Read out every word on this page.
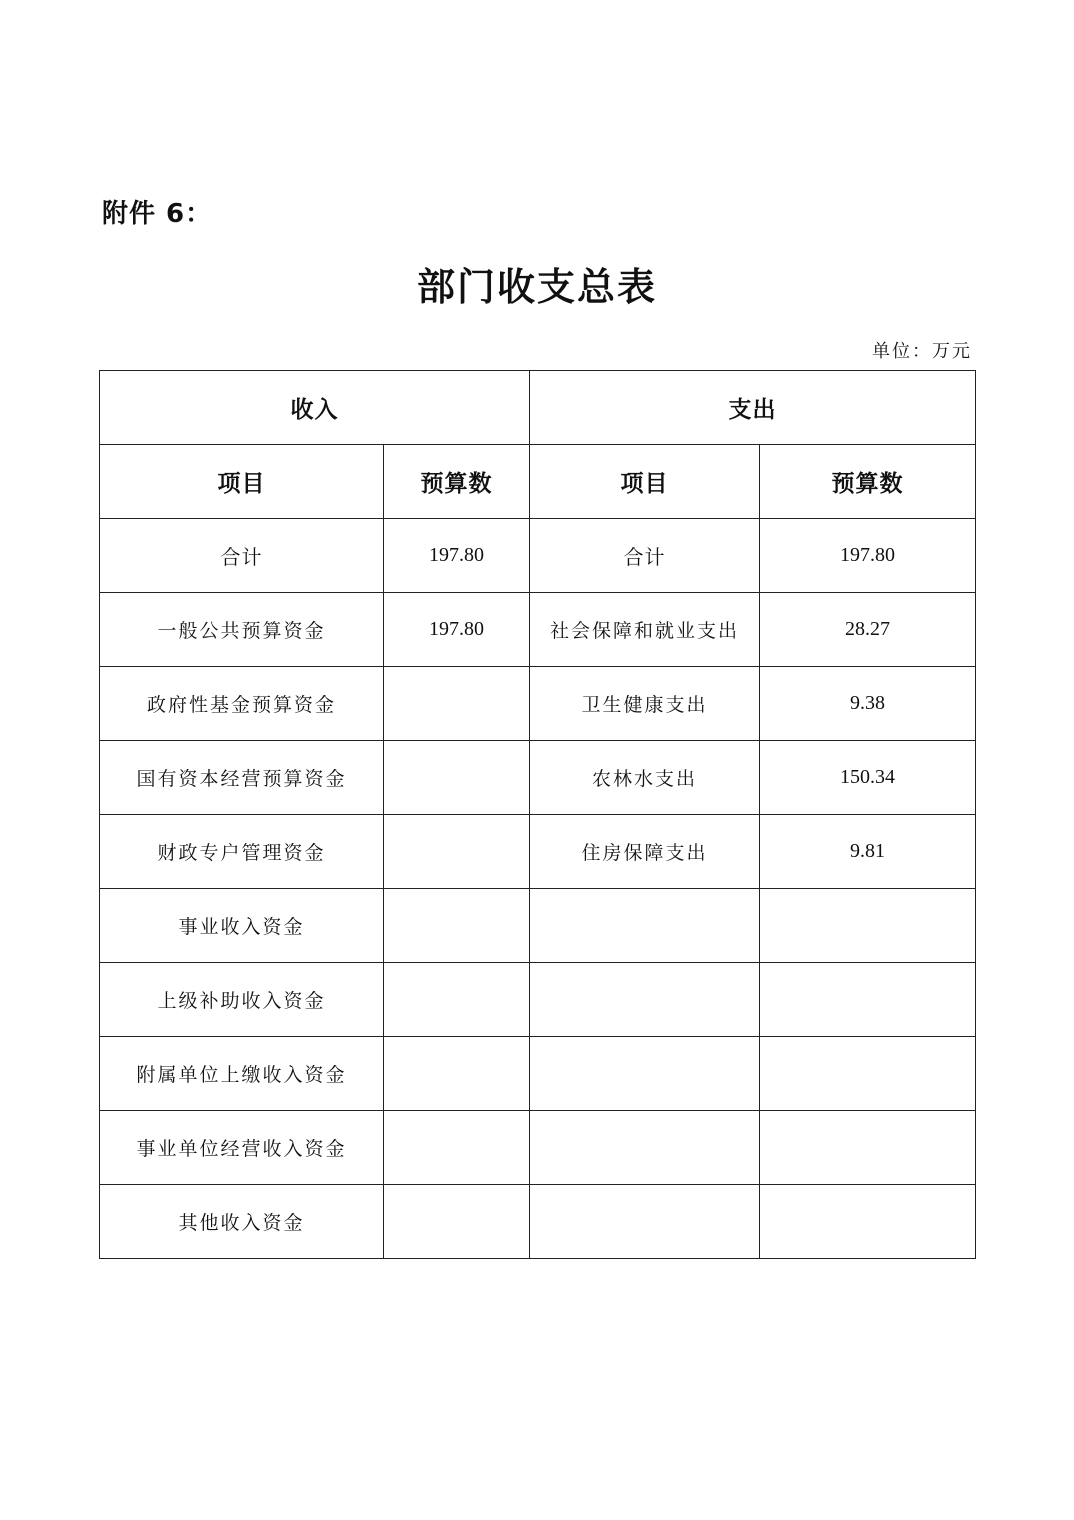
附件 6：
部门收支总表
单位：万元
收入		支出	
项目	预算数	项目	预算数
合计	197.80	合计	197.80
一般公共预算资金	197.80	社会保障和就业支出	28.27
政府性基金预算资金		卫生健康支出	9.38
国有资本经营预算资金		农林水支出	150.34
财政专户管理资金		住房保障支出	9.81
事业收入资金			
上级补助收入资金			
附属单位上缴收入资金			
事业单位经营收入资金			
其他收入资金			
